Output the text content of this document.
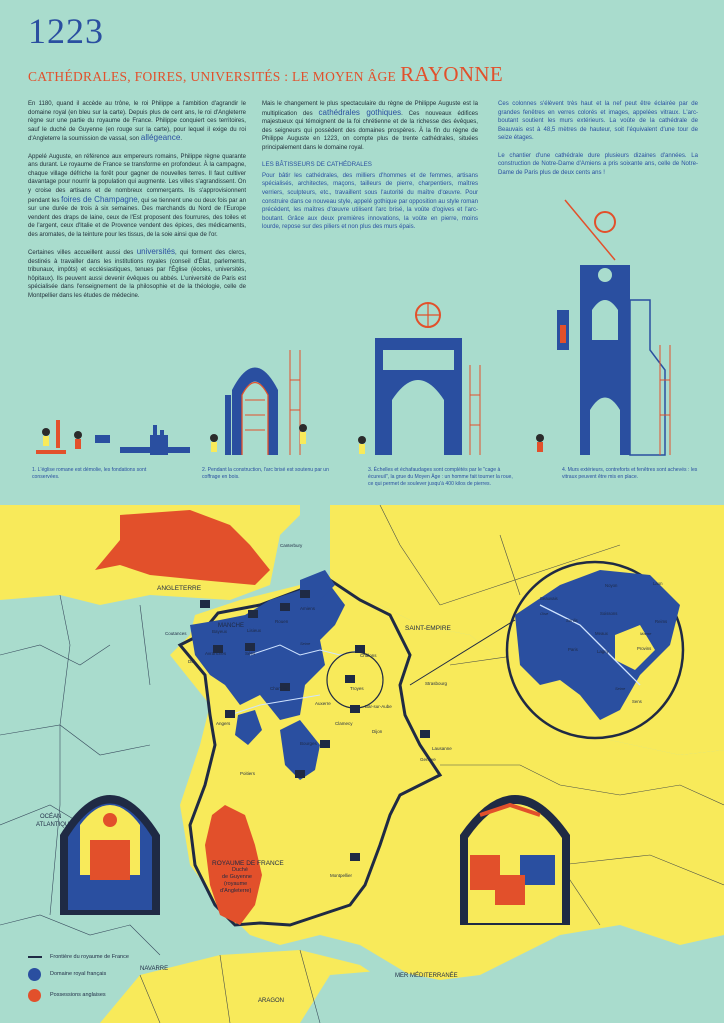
1223
CATHÉDRALES, FOIRES, UNIVERSITÉS : LE MOYEN ÂGE RAYONNE

En 1180, quand il accède au trône, le roi Philippe a l'ambition d'agrandir le domaine royal (en bleu sur la carte). Depuis plus de cent ans, le roi d'Angleterre règne sur une partie du royaume de France. Philippe conquiert ces territoires, sauf le duché de Guyenne (en rouge sur la carte), pour lequel il exige du roi d'Angleterre la soumission de vassal, son allégeance.

Appelé Auguste, en référence aux empereurs romains, Philippe règne quarante ans durant. Le royaume de France se transforme en profondeur. À la campagne, chaque village défriche la forêt pour gagner de nouvelles terres. Il faut cultiver davantage pour nourrir la population qui augmente. Les villes s'agrandissent. On y croise des artisans et de nombreux commerçants. Ils s'approvisionnent pendant les foires de Champagne, qui se tiennent une ou deux fois par an sur une durée de trois à six semaines. Des marchands du Nord de l'Europe vendent des draps de laine, ceux de l'Est proposent des fourrures, des toiles et de l'argent, ceux d'Italie et de Provence vendent des épices, des médicaments, des aromates, de la teinture pour les tissus, de la soie ainsi que de l'or.

Certaines villes accueillent aussi des universités, qui forment des clercs, destinés à travailler dans les institutions royales (conseil d'État, parlements, tribunaux, impôts) et ecclésiastiques, tenues par l'Église (écoles, universités, hôpitaux). Ils peuvent aussi devenir évêques ou abbés. L'université de Paris est spécialisée dans l'enseignement de la philosophie et de la théologie, celle de Montpellier dans les études de médecine.

Mais le changement le plus spectaculaire du règne de Philippe Auguste est la multiplication des cathédrales gothiques. Ces nouveaux édifices majestueux qui témoignent de la foi chrétienne et de la richesse des évêques, des seigneurs qui possèdent des domaines prospères. À la fin du règne de Philippe Auguste en 1223, on compte plus de trente cathédrales, situées principalement dans le domaine royal.

LES BÂTISSEURS DE CATHÉDRALES

Pour bâtir les cathédrales, des milliers d'hommes et de femmes, artisans spécialisés, architectes, maçons, tailleurs de pierre, charpentiers, maîtres verriers, sculpteurs, etc., travaillent sous l'autorité du maître d'œuvre. Pour construire dans ce nouveau style, appelé gothique par opposition au style roman précédent, les maîtres d'œuvre utilisent l'arc brisé, la voûte d'ogives et l'arc-boutant. Grâce aux deux premières innovations, la voûte en pierre, moins lourde, repose sur des piliers et non plus des murs épais.

Ces colonnes s'élèvent très haut et la nef peut être éclairée par de grandes fenêtres en verres colorés et images, appelées vitraux. L'arc-boutant soutient les murs extérieurs. La voûte de la cathédrale de Beauvais est à 48,5 mètres de hauteur, soit l'équivalent d'une tour de seize étages.

Le chantier d'une cathédrale dure plusieurs dizaines d'années. La construction de Notre-Dame d'Amiens a pris soixante ans, celle de Notre-Dame de Paris plus de deux cents ans !

1. L'église romane est démolie, les fondations sont conservées.
2. Pendant la construction, l'arc brisé est soutenu par un coffrage en bois.
3. Échelles et échafaudages sont complétés par le "cage à écureuil", la grue du Moyen Âge : un homme fait tourner la roue, ce qui permet de soulever jusqu'à 400 kilos de pierres.
4. Murs extérieurs, contreforts et fenêtres sont achevés : les vitraux peuvent être mis en place.
ANGLETERRE
MANCHE	SAINT-EMPIRE
OCÉAN
ATLANTIQUE
ROYAUME DE FRANCE
NAVARRE
ARAGON
MER MÉDITERRANÉE
Duché
de Guyenne
(royaume
d'Angleterre)
Canterbury
Coutances	Bayeux	Lisieux
Rouen
Amiens
Avranches
Dol
Sées
Chartres
Châlons
Troyes
Angers
Auxerre
Bar-sur-Aube
Clamecy
Dijon
Bourges
Poitiers
Strasbourg
Lausanne
Genève
Montpellier
Laon
Noyon
Beauvais
Soissons
Senlis	Reims
Meaux
Paris	Lagny
Provins
Sens
Oise
Marne
Seine
Seine
Frontière du royaume de France
Domaine royal français
Possessions anglaises
